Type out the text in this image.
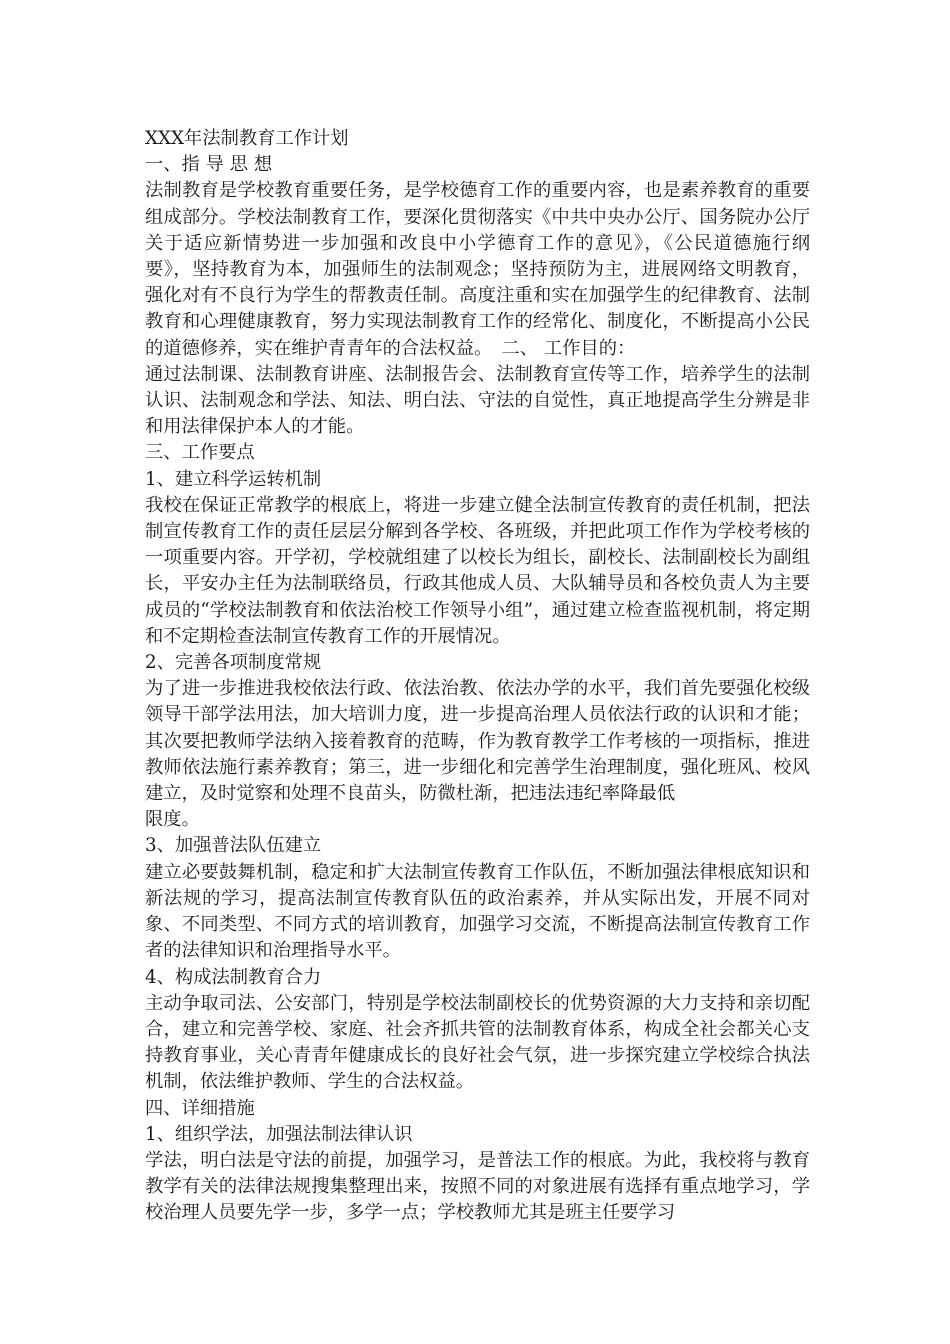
XXX年法制教育工作计划

一、指 导 思 想

法制教育是学校教育重要任务，是学校德育工作的重要内容，也是素养教育的重要组成部分。学校法制教育工作，要深化贯彻落实《中共中央办公厅、国务院办公厅关于适应新情势进一步加强和改良中小学德育工作的意见》，《公民道德施行纲要》，坚持教育为本，加强师生的法制观念；坚持预防为主，进展网络文明教育，强化对有不良行为学生的帮教责任制。高度注重和实在加强学生的纪律教育、法制教育和心理健康教育，努力实现法制教育工作的经常化、制度化，不断提高小公民的道德修养，实在维护青青年的合法权益。　二、 工作目的：

通过法制课、法制教育讲座、法制报告会、法制教育宣传等工作，培养学生的法制认识、法制观念和学法、知法、明白法、守法的自觉性，真正地提高学生分辨是非和用法律保护本人的才能。

三、工作要点

1、建立科学运转机制

我校在保证正常教学的根底上，将进一步建立健全法制宣传教育的责任机制，把法制宣传教育工作的责任层层分解到各学校、各班级，并把此项工作作为学校考核的一项重要内容。开学初，学校就组建了以校长为组长，副校长、法制副校长为副组长，平安办主任为法制联络员，行政其他成人员、大队辅导员和各校负责人为主要成员的“学校法制教育和依法治校工作领导小组”，通过建立检查监视机制，将定期和不定期检查法制宣传教育工作的开展情况。

2、完善各项制度常规

为了进一步推进我校依法行政、依法治教、依法办学的水平，我们首先要强化校级领导干部学法用法，加大培训力度，进一步提高治理人员依法行政的认识和才能；其次要把教师学法纳入接着教育的范畴，作为教育教学工作考核的一项指标，推进教师依法施行素养教育；第三，进一步细化和完善学生治理制度，强化班风、校风建立，及时觉察和处理不良苗头，防微杜渐，把违法违纪率降最低

限度。

3、加强普法队伍建立

建立必要鼓舞机制，稳定和扩大法制宣传教育工作队伍，不断加强法律根底知识和新法规的学习，提高法制宣传教育队伍的政治素养，并从实际出发，开展不同对象、不同类型、不同方式的培训教育，加强学习交流，不断提高法制宣传教育工作者的法律知识和治理指导水平。

4、构成法制教育合力

主动争取司法、公安部门，特别是学校法制副校长的优势资源的大力支持和亲切配合，建立和完善学校、家庭、社会齐抓共管的法制教育体系，构成全社会都关心支持教育事业，关心青青年健康成长的良好社会气氛，进一步探究建立学校综合执法机制，依法维护教师、学生的合法权益。

四、详细措施

1、组织学法，加强法制法律认识

学法，明白法是守法的前提，加强学习，是普法工作的根底。为此，我校将与教育教学有关的法律法规搜集整理出来，按照不同的对象进展有选择有重点地学习，学校治理人员要先学一步，多学一点；学校教师尤其是班主任要学习
